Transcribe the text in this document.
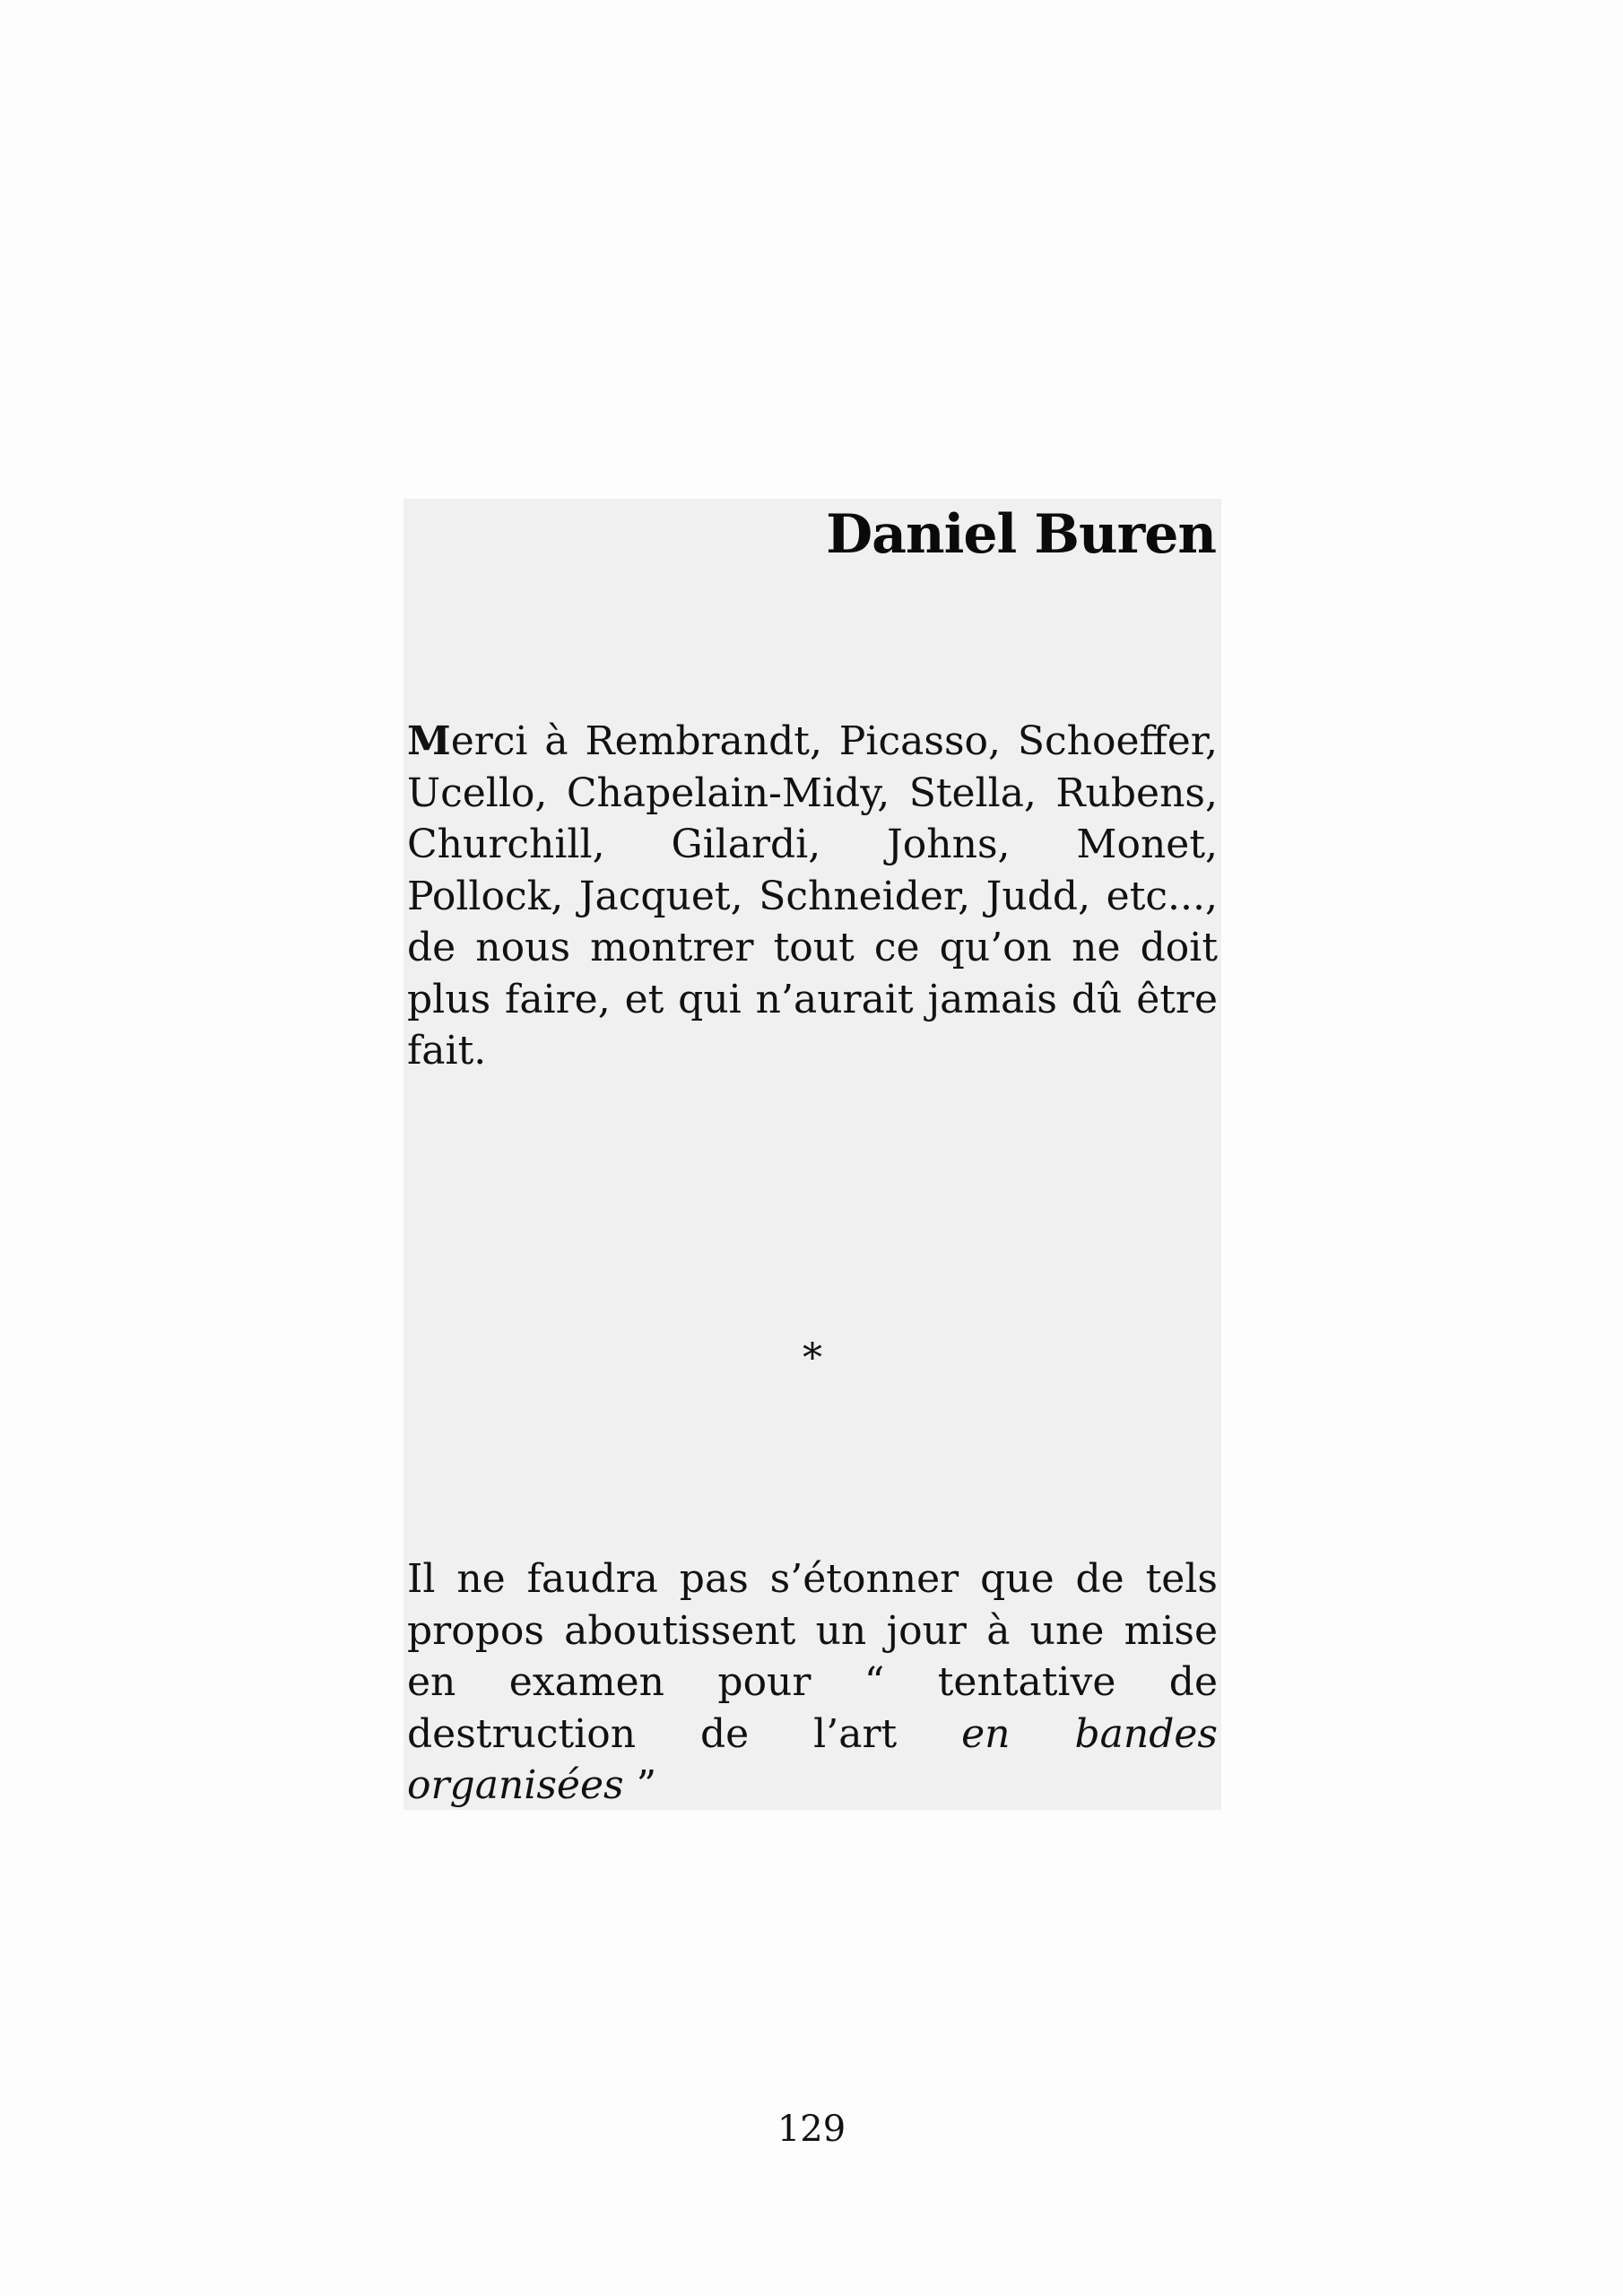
Daniel Buren

Merci à Rembrandt, Picasso, Schoeffer, Ucello, Chapelain-Midy, Stella, Rubens, Churchill, Gilardi, Johns, Monet, Pollock, Jacquet, Schneider, Judd, etc..., de nous montrer tout ce qu’on ne doit plus faire, et qui n’aurait jamais dû être fait.

*

Il ne faudra pas s’étonner que de tels propos aboutissent un jour à une mise en examen pour “ tentative de destruction de l’art en bandes organisées ”

129
